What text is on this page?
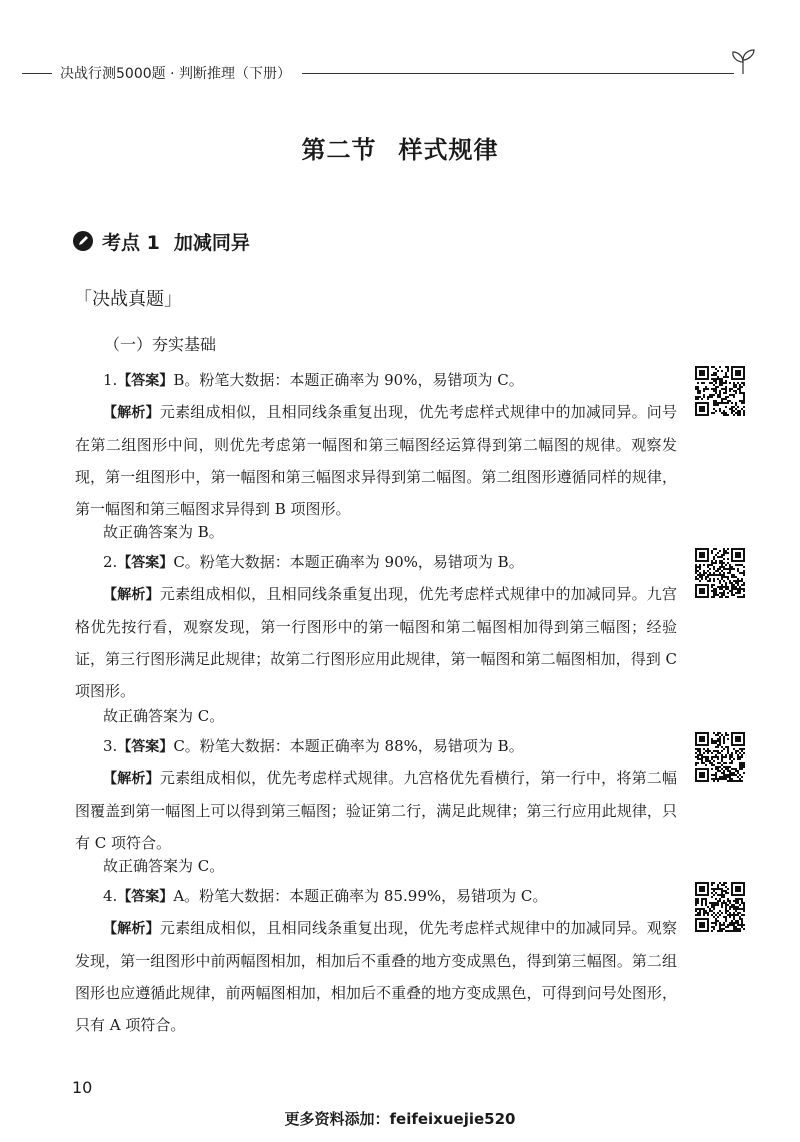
决战行测5000题 · 判断推理（下册）
第二节 样式规律
考点 1 加减同异
「决战真题」
（一）夯实基础
1.【答案】B。粉笔大数据：本题正确率为 90%，易错项为 C。
【解析】元素组成相似，且相同线条重复出现，优先考虑样式规律中的加减同异。问号在第二组图形中间，则优先考虑第一幅图和第三幅图经运算得到第二幅图的规律。观察发现，第一组图形中，第一幅图和第三幅图求异得到第二幅图。第二组图形遵循同样的规律，第一幅图和第三幅图求异得到 B 项图形。
故正确答案为 B。
2.【答案】C。粉笔大数据：本题正确率为 90%，易错项为 B。
【解析】元素组成相似，且相同线条重复出现，优先考虑样式规律中的加减同异。九宫格优先按行看，观察发现，第一行图形中的第一幅图和第二幅图相加得到第三幅图；经验证，第三行图形满足此规律；故第二行图形应用此规律，第一幅图和第二幅图相加，得到 C 项图形。
故正确答案为 C。
3.【答案】C。粉笔大数据：本题正确率为 88%，易错项为 B。
【解析】元素组成相似，优先考虑样式规律。九宫格优先看横行，第一行中，将第二幅图覆盖到第一幅图上可以得到第三幅图；验证第二行，满足此规律；第三行应用此规律，只有 C 项符合。
故正确答案为 C。
4.【答案】A。粉笔大数据：本题正确率为 85.99%，易错项为 C。
【解析】元素组成相似，且相同线条重复出现，优先考虑样式规律中的加减同异。观察发现，第一组图形中前两幅图相加，相加后不重叠的地方变成黑色，得到第三幅图。第二组图形也应遵循此规律，前两幅图相加，相加后不重叠的地方变成黑色，可得到问号处图形，只有 A 项符合。
10
更多资料添加：feifeixuejie520
